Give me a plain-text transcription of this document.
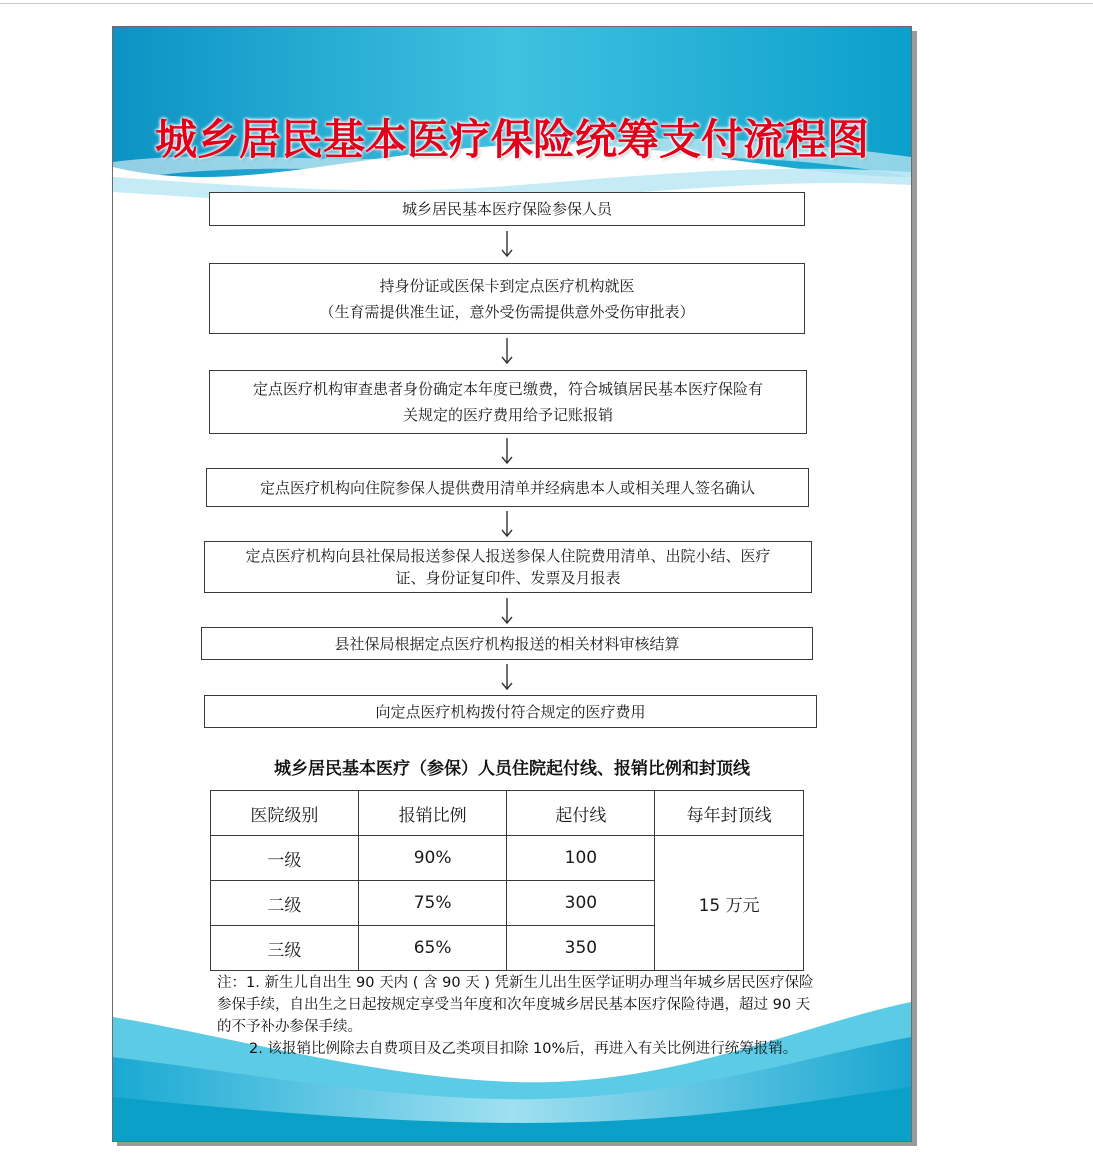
城乡居民基本医疗保险统筹支付流程图
城乡居民基本医疗保险参保人员
持身份证或医保卡到定点医疗机构就医
（生育需提供准生证，意外受伤需提供意外受伤审批表）
定点医疗机构审查患者身份确定本年度已缴费，符合城镇居民基本医疗保险有
关规定的医疗费用给予记账报销
定点医疗机构向住院参保人提供费用清单并经病患本人或相关理人签名确认
定点医疗机构向县社保局报送参保人报送参保人住院费用清单、出院小结、医疗
证、身份证复印件、发票及月报表
县社保局根据定点医疗机构报送的相关材料审核结算
向定点医疗机构拨付符合规定的医疗费用
城乡居民基本医疗（参保）人员住院起付线、报销比例和封顶线
医院级别	报销比例	起付线	每年封顶线
一级	90%	100	15 万元
二级	75%	300	
三级	65%	350	

注：1. 新生儿自出生 90 天内 ( 含 90 天 ) 凭新生儿出生医学证明办理当年城乡居民医疗保险参保手续，自出生之日起按规定享受当年度和次年度城乡居民基本医疗保险待遇，超过 90 天的不予补办参保手续。

2. 该报销比例除去自费项目及乙类项目扣除 10%后，再进入有关比例进行统筹报销。
